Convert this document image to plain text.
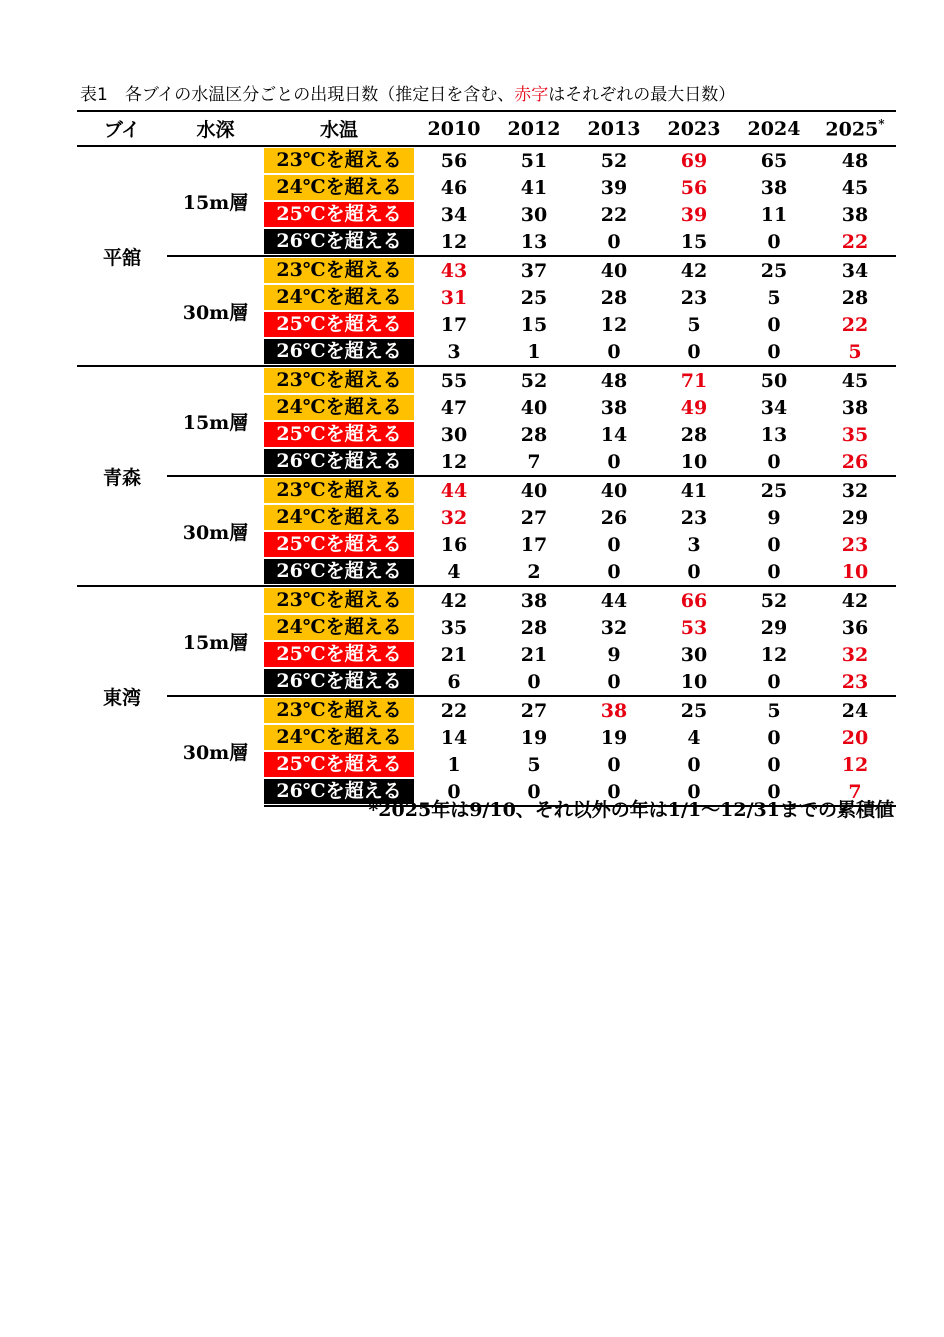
表1　各ブイの水温区分ごとの出現日数（推定日を含む、赤字はそれぞれの最大日数）
ブイ	水深	水温	2010	2012	2013	2023	2024	2025*
平舘	15m層	23℃を超える	56	51	52	69	65	48

		24℃を超える	46	41	39	56	38	45

		25℃を超える	34	30	22	39	11	38

		26℃を超える	12	13	0	15	0	22
	30m層	23℃を超える	43	37	40	42	25	34

		24℃を超える	31	25	28	23	5	28

		25℃を超える	17	15	12	5	0	22

		26℃を超える	3	1	0	0	0	5
青森	15m層	23℃を超える	55	52	48	71	50	45

		24℃を超える	47	40	38	49	34	38

		25℃を超える	30	28	14	28	13	35

		26℃を超える	12	7	0	10	0	26
	30m層	23℃を超える	44	40	40	41	25	32

		24℃を超える	32	27	26	23	9	29

		25℃を超える	16	17	0	3	0	23

		26℃を超える	4	2	0	0	0	10
東湾	15m層	23℃を超える	42	38	44	66	52	42

		24℃を超える	35	28	32	53	29	36

		25℃を超える	21	21	9	30	12	32

		26℃を超える	6	0	0	10	0	23
	30m層	23℃を超える	22	27	38	25	5	24

		24℃を超える	14	19	19	4	0	20

		25℃を超える	1	5	0	0	0	12

		26℃を超える	0	0	0	0	0	7
*2025年は9/10、それ以外の年は1/1～12/31までの累積値
